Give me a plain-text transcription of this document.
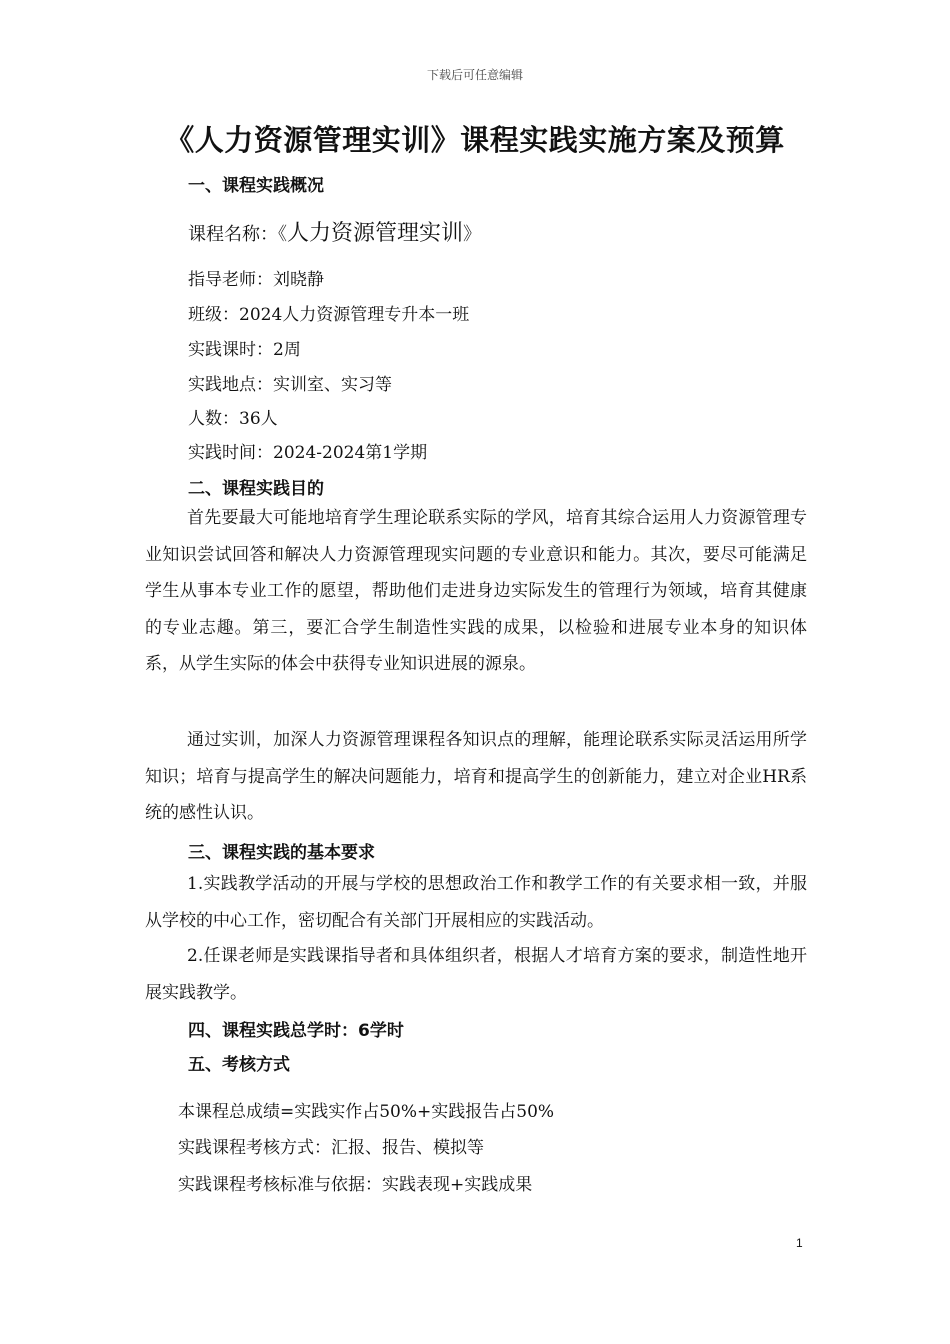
下载后可任意编辑
《人力资源管理实训》课程实践实施方案及预算
一、课程实践概况
课程名称：《人力资源管理实训》
指导老师：刘晓静
班级：2024人力资源管理专升本一班
实践课时：2周
实践地点：实训室、实习等
人数：36人
实践时间：2024-2024第1学期
二、课程实践目的

首先要最大可能地培育学生理论联系实际的学风，培育其综合运用人力资源管理专业知识尝试回答和解决人力资源管理现实问题的专业意识和能力。其次，要尽可能满足学生从事本专业工作的愿望，帮助他们走进身边实际发生的管理行为领域，培育其健康的专业志趣。第三，要汇合学生制造性实践的成果，以检验和进展专业本身的知识体系，从学生实际的体会中获得专业知识进展的源泉。

通过实训，加深人力资源管理课程各知识点的理解，能理论联系实际灵活运用所学知识；培育与提高学生的解决问题能力，培育和提高学生的创新能力，建立对企业HR系统的感性认识。

三、课程实践的基本要求

1.实践教学活动的开展与学校的思想政治工作和教学工作的有关要求相一致，并服从学校的中心工作，密切配合有关部门开展相应的实践活动。

2.任课老师是实践课指导者和具体组织者，根据人才培育方案的要求，制造性地开展实践教学。

四、课程实践总学时：6学时
五、考核方式
本课程总成绩=实践实作占50%+实践报告占50%
实践课程考核方式：汇报、报告、模拟等
实践课程考核标准与依据：实践表现+实践成果
1
